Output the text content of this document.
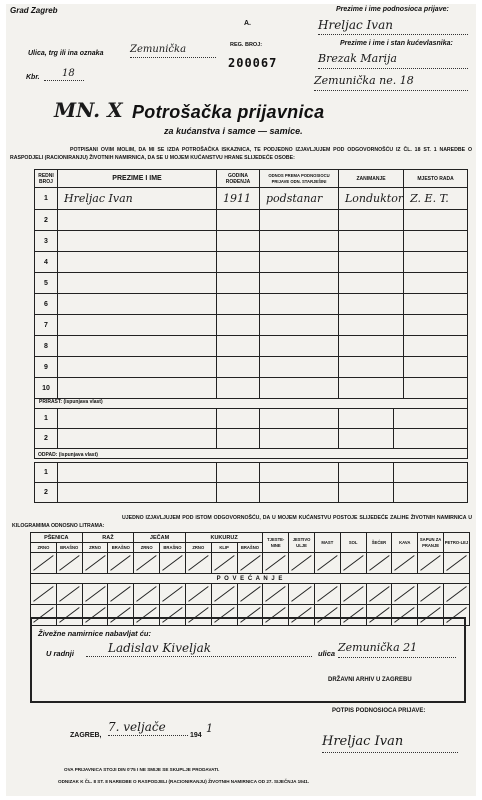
Grad Zagreb
A.
REG. BROJ:
200067
Ulica, trg ili ina oznaka	Zemunička
Kbr.	18
Prezime i ime podnosioca prijave:
Hreljac Ivan
Prezime i ime i stan kućevlasnika:
Brezak Marija
Zemunička ne. 18
MN. X Potrošačka prijavnica
za kućanstva i samce — samice.
POTPISANI OVIM MOLIM, DA MI SE IZDA POTROŠAČKA ISKAZNICA, TE PODJEDNO IZJAVLJUJEM POD ODGOVORNOŠĆU IZ ČL. 18 ST. 1 NAREDBE O RASPODJELI (RACIONIRANJU) ŽIVOTNIH NAMIRNICA, DA SE U MOJEM KUĆANSTVU HRANE SLIJEDEĆE OSOBE:
REDNI BROJ	PREZIME I IME	GODINA ROĐENJA	ODNOS PREMA PODNOSIOCU PRIJAVE ODN. STARJEŠINI	ZANIMANJE	MJESTO RADA
1	Hreljac Ivan	1911	podstanar	Londuktor	Z. E. T.
2					
3					
4					
5					
6					
7					
8					
9					
10					
PRIRAST: (ispunjava vlast)
1					
2					
ODPAD: (ispunjava vlast)
1					
2					
UJEDNO IZJAVLJUJEM POD ISTOM ODGOVORNOŠĆU, DA U MOJEM KUĆANSTVU POSTOJE SLIJEDEĆE ZALIHE ŽIVOTNIH NAMIRNICA U KILOGRAMIMA ODNOSNO LITRAMA:
PŠENICA		RAŽ		JEČAM		KUKURUZ			TJESTE-NINE	JESTIVO ULJE	MAST	SOL	ŠEĆER	KAVA	SAPUN ZA PRANJE	PETRO-LEJ
ZRNO	BRAŠNO	ZRNO	BRAŠNO	ZRNO	BRAŠNO	ZRNO	KLIP	BRAŠNO								

P O V E Ć A N J E																

Živežne namirnice nabavljat ću:
U radnji	Ladislav Kiveljak	ulica Zemunička 21
DRŽAVNI ARHIV U ZAGREBU
ZAGREB,
7. veljače
194
1
POTPIS PODNOSIOCA PRIJAVE:
Hreljac Ivan
OVA PRIJAVNICA STOJI DIN 0'75 I NE SMIJE SE SKUPLJE PRODAVATI.
ODNIZAK K ČL. 8 ST. 8 NAREDBE O RASPODJELI (RACIONIRANJU) ŽIVOTNIH NAMIRNICA OD 27. SIJEČNJA 1941.
